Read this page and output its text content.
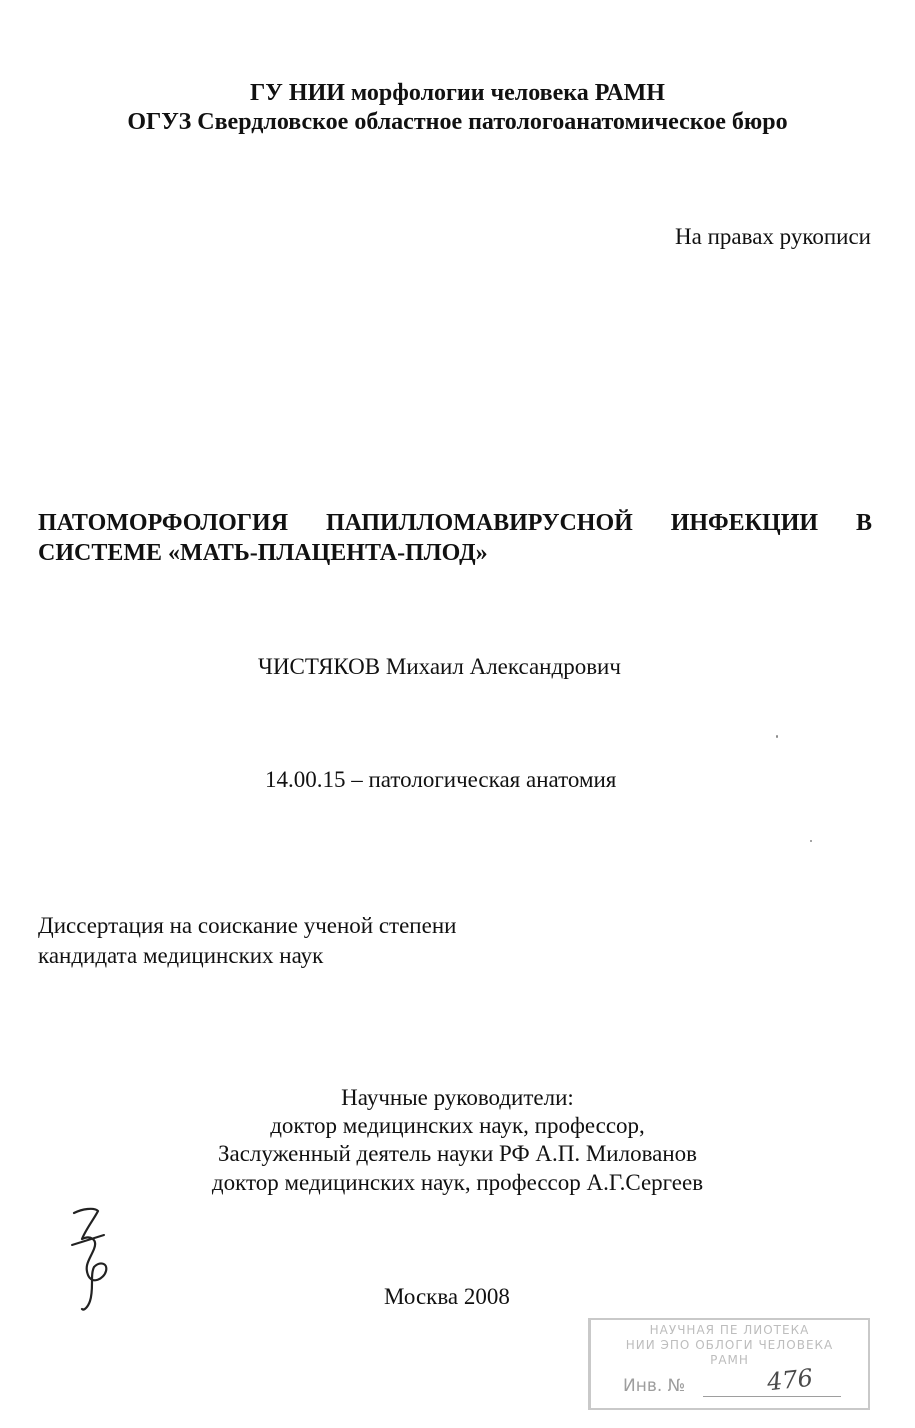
ГУ НИИ морфологии человека РАМН
ОГУЗ Свердловское областное патологоанатомическое бюро
На правах рукописи
ПАТОМОРФОЛОГИЯ ПАПИЛЛОМАВИРУСНОЙ ИНФЕКЦИИ В
СИСТЕМЕ «МАТЬ-ПЛАЦЕНТА-ПЛОД»
ЧИСТЯКОВ Михаил Александрович
14.00.15 – патологическая анатомия
Диссертация на соискание ученой степени
кандидата медицинских наук
Научные руководители:
доктор медицинских наук, профессор,
Заслуженный деятель науки РФ А.П. Милованов
доктор медицинских наук, профессор А.Г.Сергеев
Москва 2008
НАУЧНАЯ ПЕ ЛИОТЕКА
НИИ ЭПО ОБЛОГИ ЧЕЛОВЕКА
РАМН
Инв. №	476
